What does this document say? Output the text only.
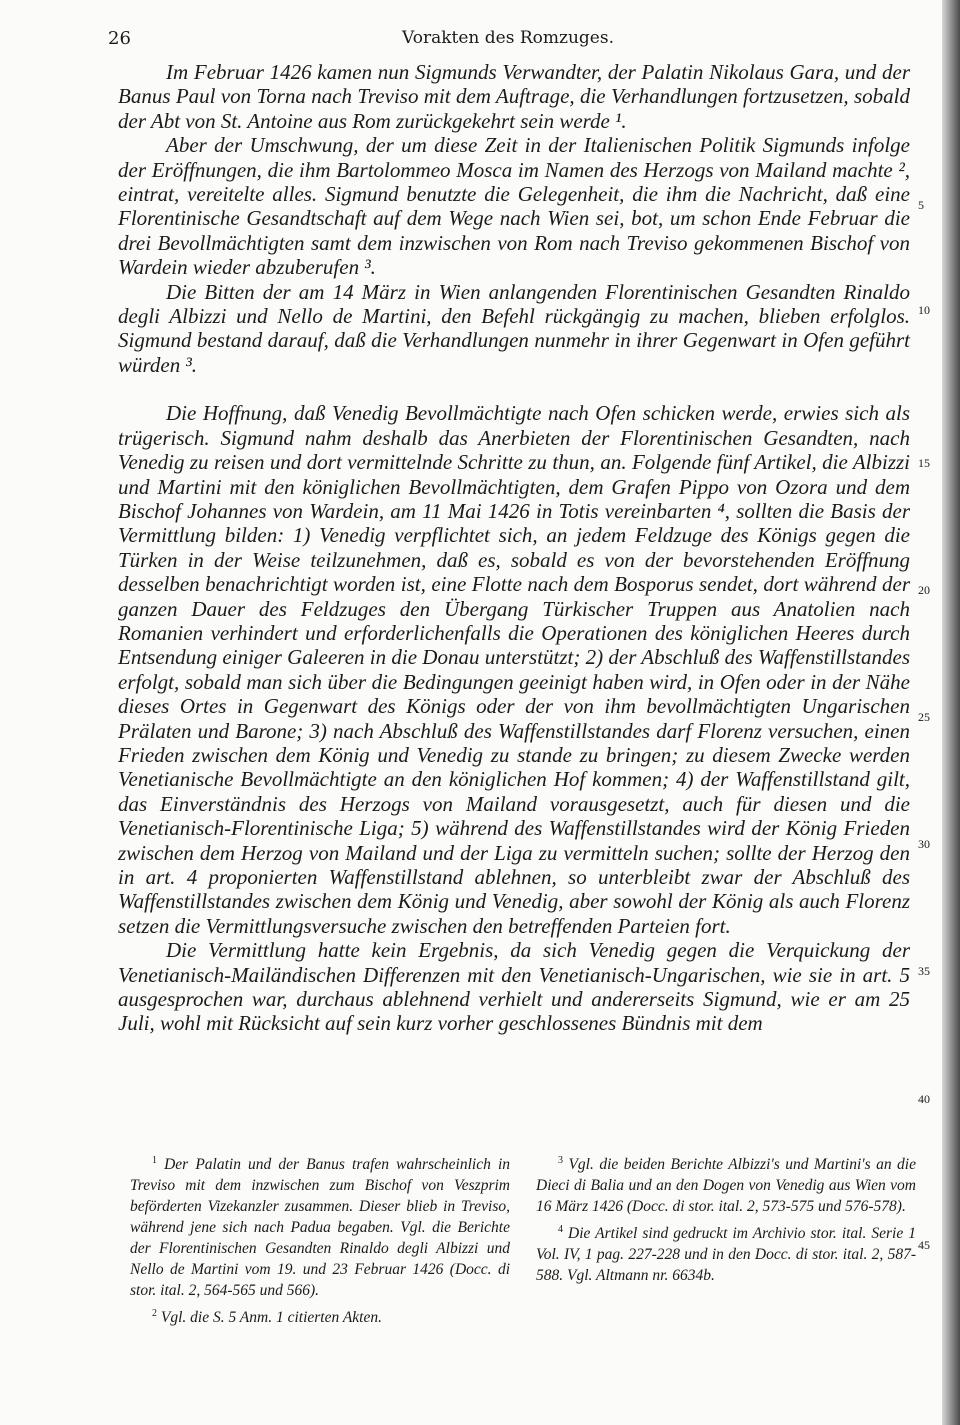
26	Vorakten des Romzuges.

Im Februar 1426 kamen nun Sigmunds Verwandter, der Palatin Nikolaus Gara, und der Banus Paul von Torna nach Treviso mit dem Auftrage, die Verhandlungen fortzusetzen, sobald der Abt von St. Antoine aus Rom zurückgekehrt sein werde ¹.

Aber der Umschwung, der um diese Zeit in der Italienischen Politik Sigmunds infolge der Eröffnungen, die ihm Bartolommeo Mosca im Namen des Herzogs von Mailand machte ², eintrat, vereitelte alles. Sigmund benutzte die Gelegenheit, die ihm die Nachricht, daß eine Florentinische Gesandtschaft auf dem Wege nach Wien sei, bot, um schon Ende Februar die drei Bevollmächtigten samt dem inzwischen von Rom nach Treviso gekommenen Bischof von Wardein wieder abzuberufen ³.

Die Bitten der am 14 März in Wien anlangenden Florentinischen Gesandten Rinaldo degli Albizzi und Nello de Martini, den Befehl rückgängig zu machen, blieben erfolglos. Sigmund bestand darauf, daß die Verhandlungen nunmehr in ihrer Gegenwart in Ofen geführt würden ³.

Die Hoffnung, daß Venedig Bevollmächtigte nach Ofen schicken werde, erwies sich als trügerisch. Sigmund nahm deshalb das Anerbieten der Florentinischen Gesandten, nach Venedig zu reisen und dort vermittelnde Schritte zu thun, an. Folgende fünf Artikel, die Albizzi und Martini mit den königlichen Bevollmächtigten, dem Grafen Pippo von Ozora und dem Bischof Johannes von Wardein, am 11 Mai 1426 in Totis vereinbarten ⁴, sollten die Basis der Vermittlung bilden: 1) Venedig verpflichtet sich, an jedem Feldzuge des Königs gegen die Türken in der Weise teilzunehmen, daß es, sobald es von der bevorstehenden Eröffnung desselben benachrichtigt worden ist, eine Flotte nach dem Bosporus sendet, dort während der ganzen Dauer des Feldzuges den Übergang Türkischer Truppen aus Anatolien nach Romanien verhindert und erforderlichenfalls die Operationen des königlichen Heeres durch Entsendung einiger Galeeren in die Donau unterstützt; 2) der Abschluß des Waffenstillstandes erfolgt, sobald man sich über die Bedingungen geeinigt haben wird, in Ofen oder in der Nähe dieses Ortes in Gegenwart des Königs oder der von ihm bevollmächtigten Ungarischen Prälaten und Barone; 3) nach Abschluß des Waffenstillstandes darf Florenz versuchen, einen Frieden zwischen dem König und Venedig zu stande zu bringen; zu diesem Zwecke werden Venetianische Bevollmächtigte an den königlichen Hof kommen; 4) der Waffenstillstand gilt, das Einverständnis des Herzogs von Mailand vorausgesetzt, auch für diesen und die Venetianisch-Florentinische Liga; 5) während des Waffenstillstandes wird der König Frieden zwischen dem Herzog von Mailand und der Liga zu vermitteln suchen; sollte der Herzog den in art. 4 proponierten Waffenstillstand ablehnen, so unterbleibt zwar der Abschluß des Waffenstillstandes zwischen dem König und Venedig, aber sowohl der König als auch Florenz setzen die Vermittlungsversuche zwischen den betreffenden Parteien fort.

Die Vermittlung hatte kein Ergebnis, da sich Venedig gegen die Verquickung der Venetianisch-Mailändischen Differenzen mit den Venetianisch-Ungarischen, wie sie in art. 5 ausgesprochen war, durchaus ablehnend verhielt und andererseits Sigmund, wie er am 25 Juli, wohl mit Rücksicht auf sein kurz vorher geschlossenes Bündnis mit dem

5
10
15
20
25
30
35
40
45

$^1$ Der Palatin und der Banus trafen wahrscheinlich in Treviso mit dem inzwischen zum Bischof von Veszprim beförderten Vizekanzler zusammen. Dieser blieb in Treviso, während jene sich nach Padua begaben. Vgl. die Berichte der Florentinischen Gesandten Rinaldo degli Albizzi und Nello de Martini vom 19. und 23 Februar 1426 (Docc. di stor. ital. 2, 564-565 und 566).

$^2$ Vgl. die S. 5 Anm. 1 citierten Akten.

$^3$ Vgl. die beiden Berichte Albizzi's und Martini's an die Dieci di Balia und an den Dogen von Venedig aus Wien vom 16 März 1426 (Docc. di stor. ital. 2, 573-575 und 576-578).

$^4$ Die Artikel sind gedruckt im Archivio stor. ital. Serie 1 Vol. IV, 1 pag. 227-228 und in den Docc. di stor. ital. 2, 587-588. Vgl. Altmann nr. 6634b.
